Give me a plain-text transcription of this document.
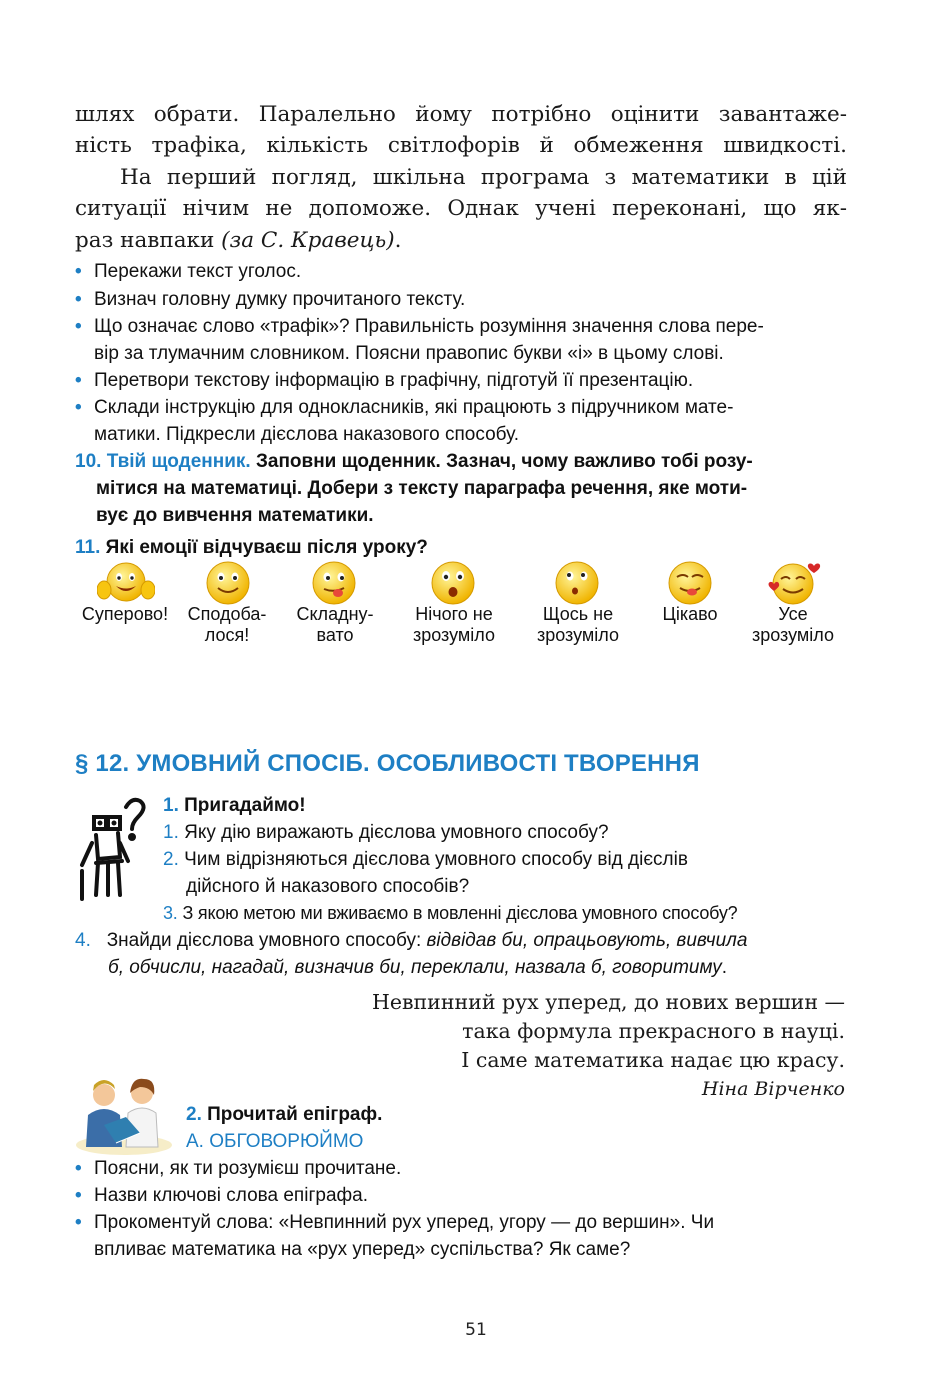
шлях обрати. Паралельно йому потрібно оцінити завантаже-
ність трафіка, кількість світлофорів й обмеження швидкості.
На перший погляд, шкільна програма з математики в цій
ситуації нічим не допоможе. Однак учені переконані, що як-
раз навпаки (за С. Кравець).
• Перекажи текст уголос.
• Визнач головну думку прочитаного тексту.
• Що означає слово «трафік»? Правильність розуміння значення слова пере-
вір за тлумачним словником. Поясни правопис букви «і» в цьому слові.
• Перетвори текстову інформацію в графічну, підготуй її презентацію.
• Склади інструкцію для однокласників, які працюють з підручником мате-
матики. Підкресли дієслова наказового способу.
10. Твій щоденник. Заповни щоденник. Зазнач, чому важливо тобі розу-
мітися на математиці. Добери з тексту параграфа речення, яке моти-
вує до вивчення математики.
11. Які емоції відчуваєш після уроку?
Суперово!	Сподоба-
лося!
Складну-
вато
Нічого не
зрозуміло
Щось не
зрозуміло
Цікаво	Усе
зрозуміло
§ 12. УМОВНИЙ СПОСІБ. ОСОБЛИВОСТІ ТВОРЕННЯ
1. Пригадаймо!
1. Яку дію виражають дієслова умовного способу?
2. Чим відрізняються дієслова умовного способу від дієслів
дійсного й наказового способів?
3. З якою метою ми вживаємо в мовленні дієслова умовного способу?
4. Знайди дієслова умовного способу: відвідав би, опрацьовують, вивчила
б, обчисли, нагадай, визначив би, переклали, назвала б, говоритиму.
Невпинний рух уперед, до нових вершин —
така формула прекрасного в науці.
І саме математика надає цю красу.
Ніна Вірченко
2. Прочитай епіграф.
А. ОБГОВОРЮЙМО
• Поясни, як ти розумієш прочитане.
• Назви ключові слова епіграфа.
• Прокоментуй слова: «Невпинний рух уперед, угору — до вершин». Чи
впливає математика на «рух уперед» суспільства? Як саме?
51
